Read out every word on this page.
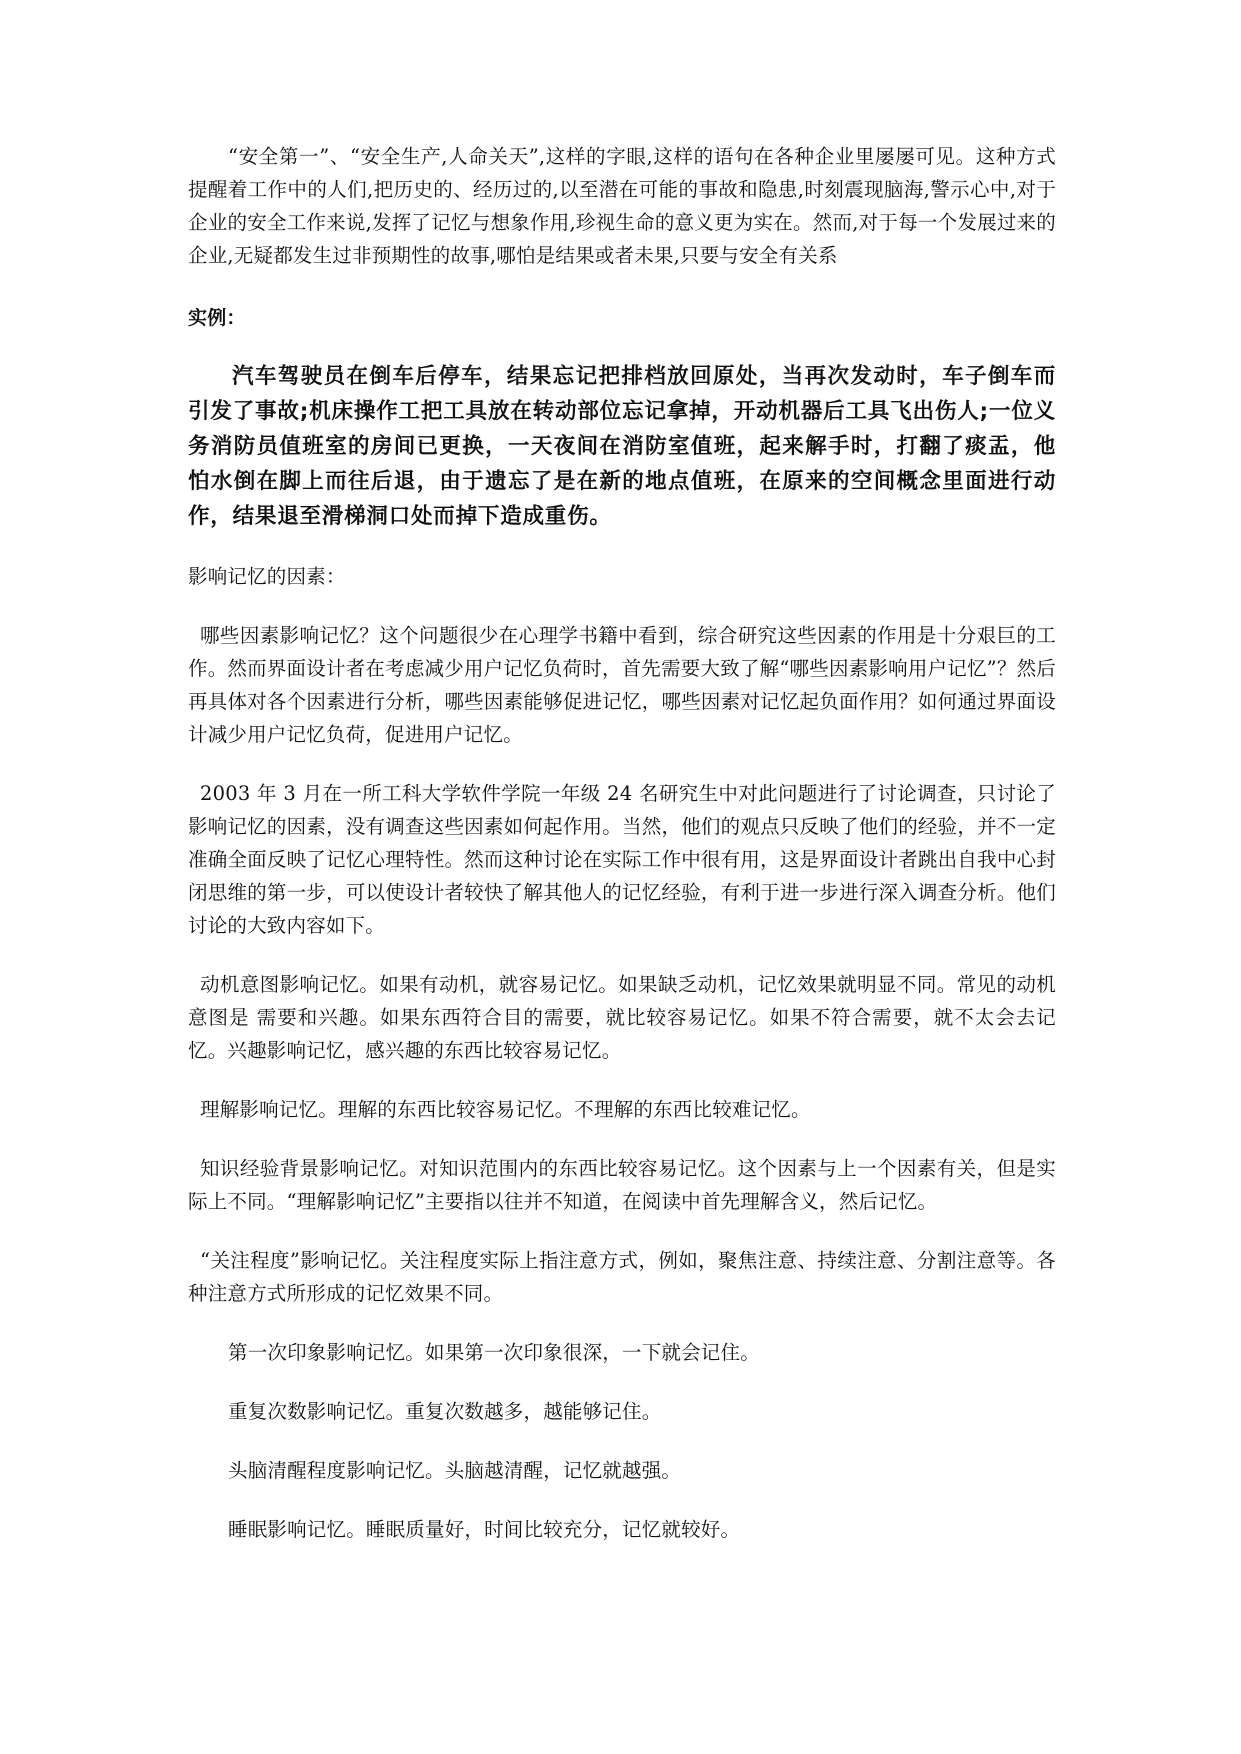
“安全第一”、“安全生产,人命关天”,这样的字眼,这样的语句在各种企业里屡屡可见。这种方式提醒着工作中的人们,把历史的、经历过的,以至潜在可能的事故和隐患,时刻震现脑海,警示心中,对于企业的安全工作来说,发挥了记忆与想象作用,珍视生命的意义更为实在。然而,对于每一个发展过来的企业,无疑都发生过非预期性的故事,哪怕是结果或者未果,只要与安全有关系

实例：

汽车驾驶员在倒车后停车，结果忘记把排档放回原处，当再次发动时，车子倒车而引发了事故;机床操作工把工具放在转动部位忘记拿掉，开动机器后工具飞出伤人;一位义务消防员值班室的房间已更换，一天夜间在消防室值班，起来解手时，打翻了痰盂，他怕水倒在脚上而往后退，由于遗忘了是在新的地点值班，在原来的空间概念里面进行动作，结果退至滑梯洞口处而掉下造成重伤。

影响记忆的因素：

哪些因素影响记忆？这个问题很少在心理学书籍中看到，综合研究这些因素的作用是十分艰巨的工作。然而界面设计者在考虑减少用户记忆负荷时，首先需要大致了解“哪些因素影响用户记忆”？然后再具体对各个因素进行分析，哪些因素能够促进记忆，哪些因素对记忆起负面作用？如何通过界面设计减少用户记忆负荷，促进用户记忆。

2003 年 3 月在一所工科大学软件学院一年级 24 名研究生中对此问题进行了讨论调查，只讨论了影响记忆的因素，没有调查这些因素如何起作用。当然，他们的观点只反映了他们的经验，并不一定准确全面反映了记忆心理特性。然而这种讨论在实际工作中很有用，这是界面设计者跳出自我中心封闭思维的第一步，可以使设计者较快了解其他人的记忆经验，有利于进一步进行深入调查分析。他们讨论的大致内容如下。

动机意图影响记忆。如果有动机，就容易记忆。如果缺乏动机，记忆效果就明显不同。常见的动机意图是 需要和兴趣。如果东西符合目的需要，就比较容易记忆。如果不符合需要，就不太会去记忆。兴趣影响记忆，感兴趣的东西比较容易记忆。

理解影响记忆。理解的东西比较容易记忆。不理解的东西比较难记忆。

知识经验背景影响记忆。对知识范围内的东西比较容易记忆。这个因素与上一个因素有关，但是实际上不同。“理解影响记忆”主要指以往并不知道，在阅读中首先理解含义，然后记忆。

“关注程度”影响记忆。关注程度实际上指注意方式，例如，聚焦注意、持续注意、分割注意等。各种注意方式所形成的记忆效果不同。

第一次印象影响记忆。如果第一次印象很深，一下就会记住。

重复次数影响记忆。重复次数越多，越能够记住。

头脑清醒程度影响记忆。头脑越清醒，记忆就越强。

睡眠影响记忆。睡眠质量好，时间比较充分，记忆就较好。
